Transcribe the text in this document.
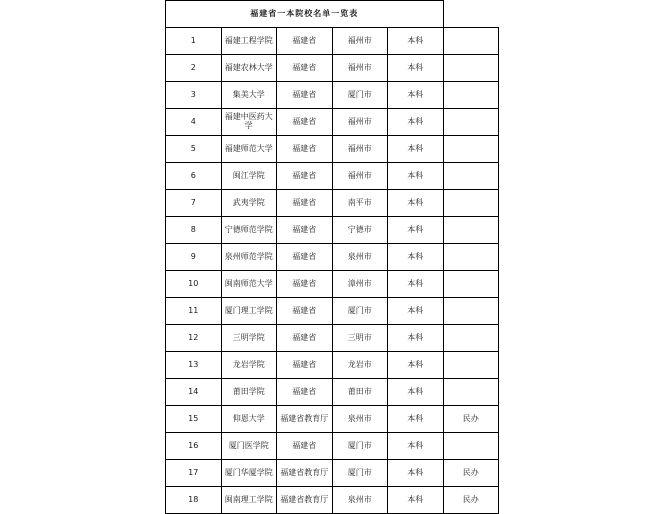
福建省一本院校名单一览表					
1	福建工程学院	福建省	福州市	本科	
2	福建农林大学	福建省	福州市	本科	
3	集美大学	福建省	厦门市	本科	
4	福建中医药大学	福建省	福州市	本科	
5	福建师范大学	福建省	福州市	本科	
6	闽江学院	福建省	福州市	本科	
7	武夷学院	福建省	南平市	本科	
8	宁德师范学院	福建省	宁德市	本科	
9	泉州师范学院	福建省	泉州市	本科	
10	闽南师范大学	福建省	漳州市	本科	
11	厦门理工学院	福建省	厦门市	本科	
12	三明学院	福建省	三明市	本科	
13	龙岩学院	福建省	龙岩市	本科	
14	莆田学院	福建省	莆田市	本科	
15	仰恩大学	福建省教育厅	泉州市	本科	民办
16	厦门医学院	福建省	厦门市	本科	
17	厦门华厦学院	福建省教育厅	厦门市	本科	民办
18	闽南理工学院	福建省教育厅	泉州市	本科	民办
